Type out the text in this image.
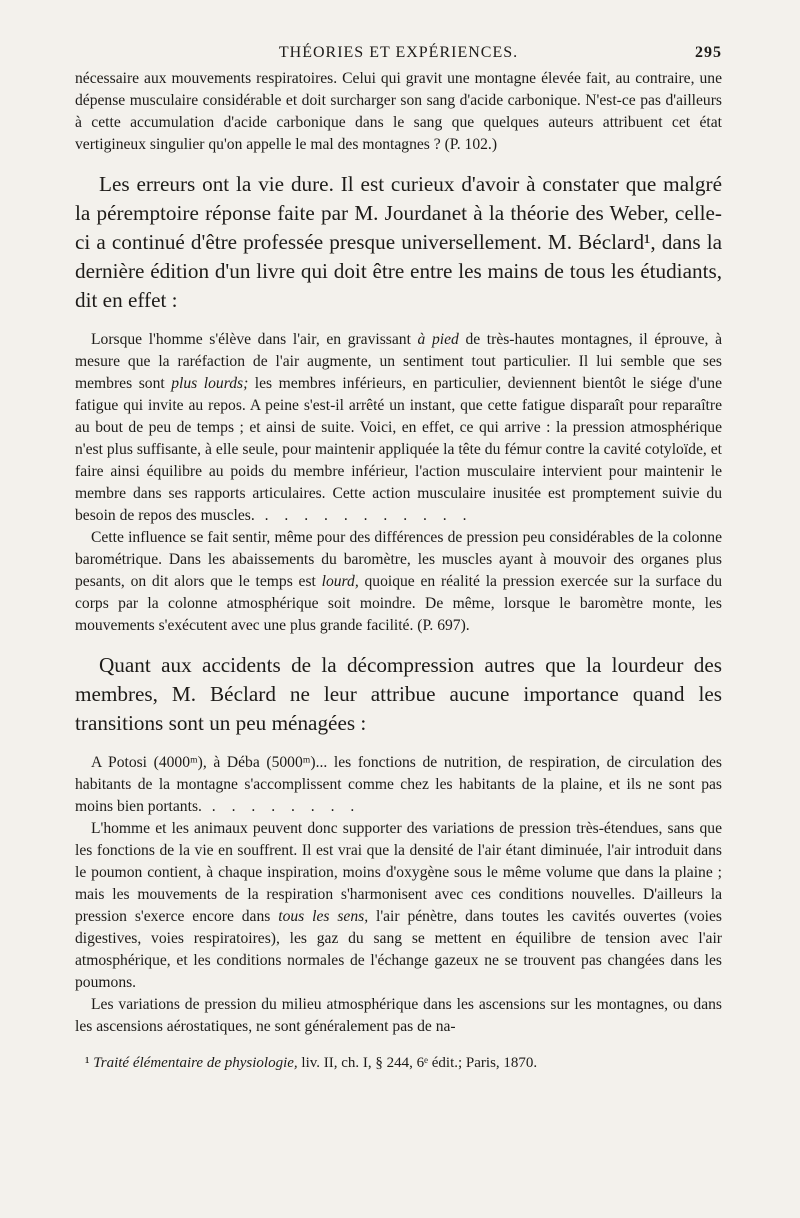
THÉORIES ET EXPÉRIENCES.	295

nécessaire aux mouvements respiratoires. Celui qui gravit une montagne élevée fait, au contraire, une dépense musculaire considérable et doit surcharger son sang d'acide carbonique. N'est-ce pas d'ailleurs à cette accumulation d'acide carbonique dans le sang que quelques auteurs attribuent cet état vertigineux singulier qu'on appelle le mal des montagnes ? (P. 102.)

Les erreurs ont la vie dure. Il est curieux d'avoir à constater que malgré la péremptoire réponse faite par M. Jourdanet à la théorie des Weber, celle-ci a continué d'être professée presque universellement. M. Béclard¹, dans la dernière édition d'un livre qui doit être entre les mains de tous les étudiants, dit en effet :

Lorsque l'homme s'élève dans l'air, en gravissant à pied de très-hautes montagnes, il éprouve, à mesure que la raréfaction de l'air augmente, un sentiment tout particulier. Il lui semble que ses membres sont plus lourds; les membres inférieurs, en particulier, deviennent bientôt le siége d'une fatigue qui invite au repos. A peine s'est-il arrêté un instant, que cette fatigue disparaît pour reparaître au bout de peu de temps ; et ainsi de suite. Voici, en effet, ce qui arrive : la pression atmosphérique n'est plus suffisante, à elle seule, pour maintenir appliquée la tête du fémur contre la cavité cotyloïde, et faire ainsi équilibre au poids du membre inférieur, l'action musculaire intervient pour maintenir le membre dans ses rapports articulaires. Cette action musculaire inusitée est promptement suivie du besoin de repos des muscles. . . . . . . . . . . .

Cette influence se fait sentir, même pour des différences de pression peu considérables de la colonne barométrique. Dans les abaissements du baromètre, les muscles ayant à mouvoir des organes plus pesants, on dit alors que le temps est lourd, quoique en réalité la pression exercée sur la surface du corps par la colonne atmosphérique soit moindre. De même, lorsque le baromètre monte, les mouvements s'exécutent avec une plus grande facilité. (P. 697).

Quant aux accidents de la décompression autres que la lourdeur des membres, M. Béclard ne leur attribue aucune importance quand les transitions sont un peu ménagées :

A Potosi (4000ᵐ), à Déba (5000ᵐ)... les fonctions de nutrition, de respiration, de circulation des habitants de la montagne s'accomplissent comme chez les habitants de la plaine, et ils ne sont pas moins bien portants. . . . . . . . .

L'homme et les animaux peuvent donc supporter des variations de pression très-étendues, sans que les fonctions de la vie en souffrent. Il est vrai que la densité de l'air étant diminuée, l'air introduit dans le poumon contient, à chaque inspiration, moins d'oxygène sous le même volume que dans la plaine ; mais les mouvements de la respiration s'harmonisent avec ces conditions nouvelles. D'ailleurs la pression s'exerce encore dans tous les sens, l'air pénètre, dans toutes les cavités ouvertes (voies digestives, voies respiratoires), les gaz du sang se mettent en équilibre de tension avec l'air atmosphérique, et les conditions normales de l'échange gazeux ne se trouvent pas changées dans les poumons.

Les variations de pression du milieu atmosphérique dans les ascensions sur les montagnes, ou dans les ascensions aérostatiques, ne sont généralement pas de na-

¹ Traité élémentaire de physiologie, liv. II, ch. I, § 244, 6ᵉ édit.; Paris, 1870.
